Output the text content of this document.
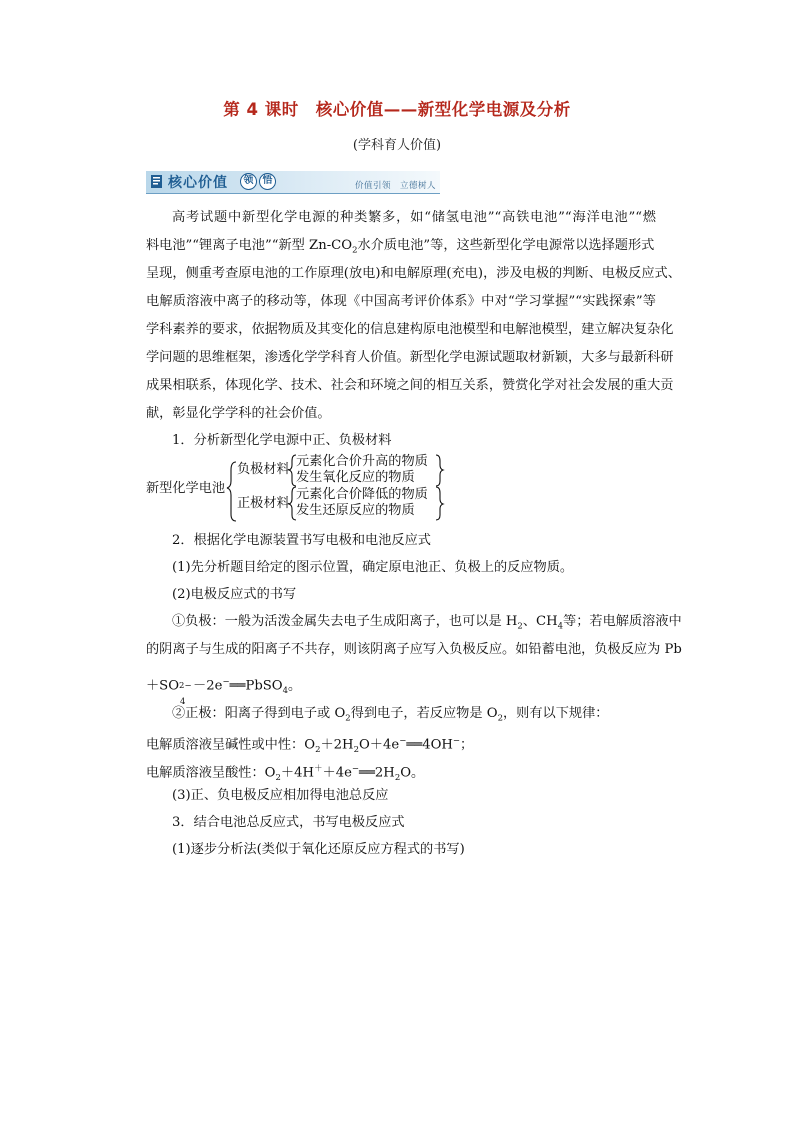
第 4 课时　核心价值——新型化学电源及分析
(学科育人价值)
核心价值	领 悟	价值引领　立德树人
高考试题中新型化学电源的种类繁多，如“储氢电池”“高铁电池”“海洋电池”“燃
料电池”“锂离子电池”“新型 $Zn-CO_2$水介质电池”等，这些新型化学电源常以选择题形式
呈现，侧重考查原电池的工作原理(放电)和电解原理(充电)，涉及电极的判断、电极反应式、
电解质溶液中离子的移动等，体现《中国高考评价体系》中对“学习掌握”“实践探索”等
学科素养的要求，依据物质及其变化的信息建构原电池模型和电解池模型，建立解决复杂化
学问题的思维框架，渗透化学学科育人价值。新型化学电源试题取材新颖，大多与最新科研
成果相联系，体现化学、技术、社会和环境之间的相互关系，赞赏化学对社会发展的重大贡
献，彰显化学学科的社会价值。
1．分析新型化学电源中正、负极材料
新型化学电池
负极材料
元素化合价升高的物质
发生氧化反应的物质
正极材料
元素化合价降低的物质
发生还原反应的物质
2．根据化学电源装置书写电极和电池反应式
(1)先分析题目给定的图示位置，确定原电池正、负极上的反应物质。
(2)电极反应式的书写
①负极：一般为活泼金属失去电子生成阳离子，也可以是 $H_2$、$CH_4$等；若电解质溶液中
的阴离子与生成的阳离子不共存，则该阴离子应写入负极反应。如铅蓄电池，负极反应为 Pb
＋SO 2−
4
－2e−══PbSO$_4$。
②正极：阳离子得到电子或 $O_2$得到电子，若反应物是 $O_2$，则有以下规律：
电解质溶液呈碱性或中性：$O_2+2H_2O+4e^-══4OH^-$；
电解质溶液呈酸性：$O_2+4H^++4e^-══2H_2O$。
(3)正、负电极反应相加得电池总反应
3．结合电池总反应式，书写电极反应式
(1)逐步分析法(类似于氧化还原反应方程式的书写)
